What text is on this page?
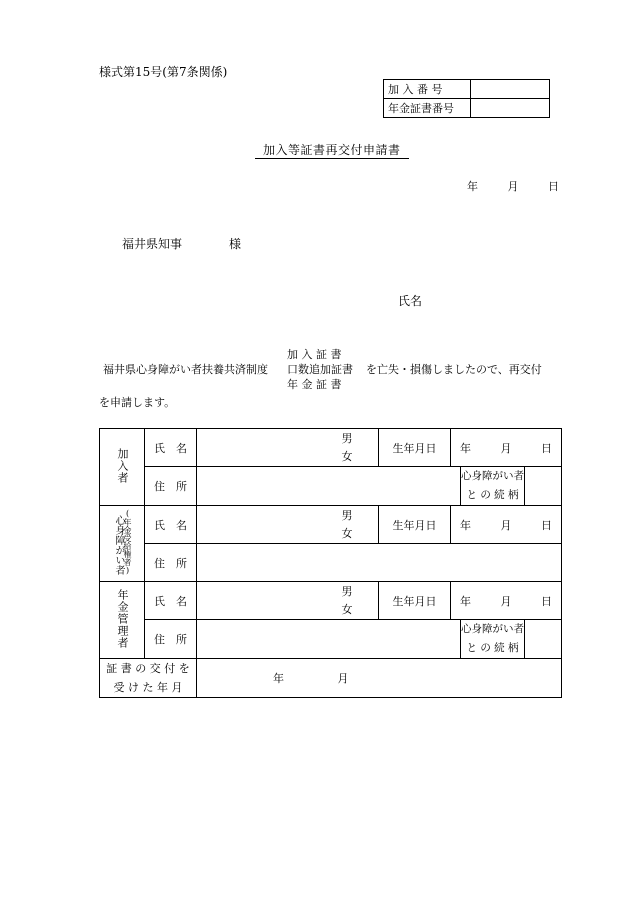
様式第15号(第7条関係)
加 入 番 号	
年金証書番号	
加入等証書再交付申請書
年	月	日
福井県知事	様
氏名
加 入 証 書
福井県心身障がい者扶養共済制度 口数追加証書 を亡失・損傷しましたので、再交付
年 金 証 書
を申請します。
加入者	氏　名		男
女	生年月日	年 月 日		
	住　所					心身障がい者
と の 続 柄	

心身障がい者(年金受給権者)	氏　名		男
女	生年月日	年 月 日		
	住　所						
年金管理者	氏　名		男
女	生年月日	年 月 日		
	住　所					心身障がい者
と の 続 柄	

証 書 の 交 付 を
受 け た 年 月		年 月					
